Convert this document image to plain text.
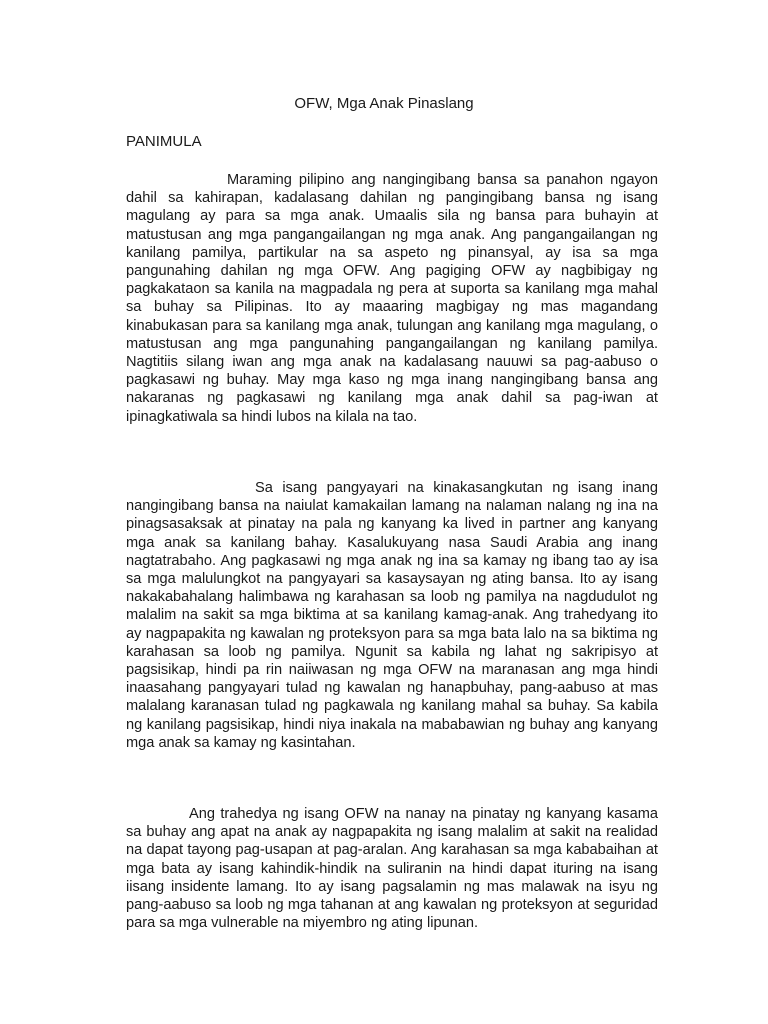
OFW, Mga Anak Pinaslang
PANIMULA

Maraming pilipino ang nangingibang bansa sa panahon ngayon dahil sa kahirapan, kadalasang dahilan ng pangingibang bansa ng isang magulang ay para sa mga anak. Umaalis sila ng bansa para buhayin at matustusan ang mga pangangailangan ng mga anak. Ang pangangailangan ng kanilang pamilya, partikular na sa aspeto ng pinansyal, ay isa sa mga pangunahing dahilan ng mga OFW. Ang pagiging OFW ay nagbibigay ng pagkakataon sa kanila na magpadala ng pera at suporta sa kanilang mga mahal sa buhay sa Pilipinas. Ito ay maaaring magbigay ng mas magandang kinabukasan para sa kanilang mga anak, tulungan ang kanilang mga magulang, o matustusan ang mga pangunahing pangangailangan ng kanilang pamilya. Nagtitiis silang iwan ang mga anak na kadalasang nauuwi sa pag-aabuso o pagkasawi ng buhay. May mga kaso ng mga inang nangingibang bansa ang nakaranas ng pagkasawi ng kanilang mga anak dahil sa pag-iwan at ipinagkatiwala sa hindi lubos na kilala na tao.

Sa isang pangyayari na kinakasangkutan ng isang inang nangingibang bansa na naiulat kamakailan lamang na nalaman nalang ng ina na pinagsasaksak at pinatay na pala ng kanyang ka lived in partner ang kanyang mga anak sa kanilang bahay. Kasalukuyang nasa Saudi Arabia ang inang nagtatrabaho. Ang pagkasawi ng mga anak ng ina sa kamay ng ibang tao ay isa sa mga malulungkot na pangyayari sa kasaysayan ng ating bansa. Ito ay isang nakakabahalang halimbawa ng karahasan sa loob ng pamilya na nagdudulot ng malalim na sakit sa mga biktima at sa kanilang kamag-anak. Ang trahedyang ito ay nagpapakita ng kawalan ng proteksyon para sa mga bata lalo na sa biktima ng karahasan sa loob ng pamilya. Ngunit sa kabila ng lahat ng sakripisyo at pagsisikap, hindi pa rin naiiwasan ng mga OFW na maranasan ang mga hindi inaasahang pangyayari tulad ng kawalan ng hanapbuhay, pang-aabuso at mas malalang karanasan tulad ng pagkawala ng kanilang mahal sa buhay. Sa kabila ng kanilang pagsisikap, hindi niya inakala na mababawian ng buhay ang kanyang mga anak sa kamay ng kasintahan.

Ang trahedya ng isang OFW na nanay na pinatay ng kanyang kasama sa buhay ang apat na anak ay nagpapakita ng isang malalim at sakit na realidad na dapat tayong pag-usapan at pag-aralan. Ang karahasan sa mga kababaihan at mga bata ay isang kahindik-hindik na suliranin na hindi dapat ituring na isang iisang insidente lamang. Ito ay isang pagsalamin ng mas malawak na isyu ng pang-aabuso sa loob ng mga tahanan at ang kawalan ng proteksyon at seguridad para sa mga vulnerable na miyembro ng ating lipunan.
